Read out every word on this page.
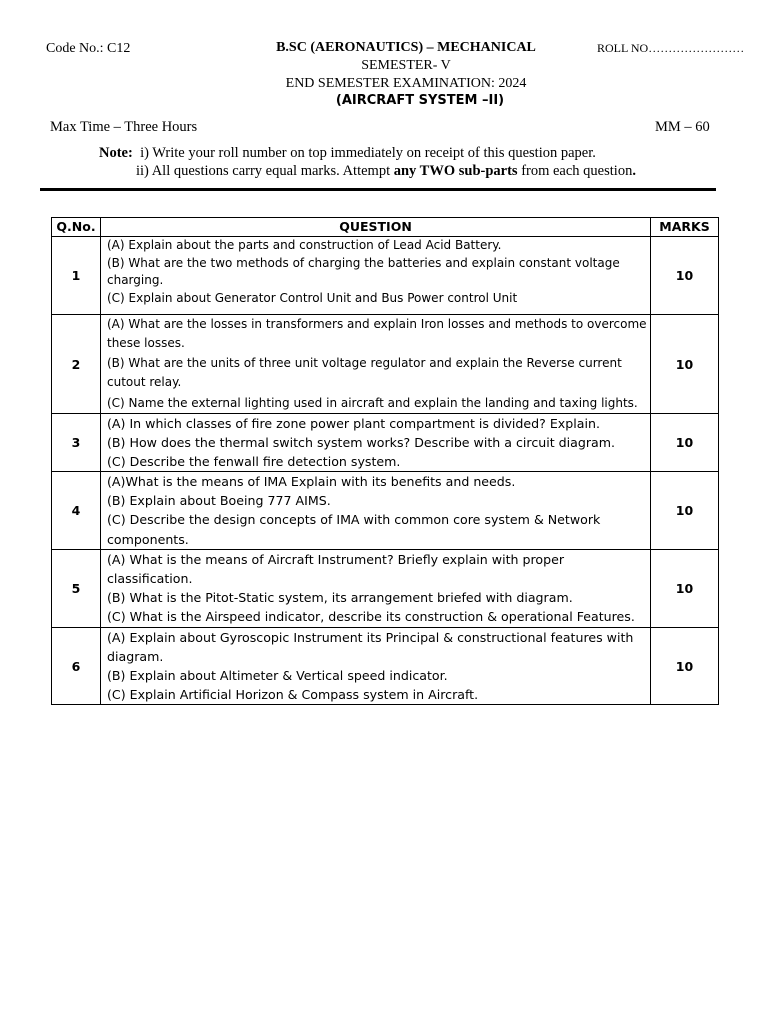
Code No.: C12	B.SC (AERONAUTICS) – MECHANICAL	ROLL NO……………………
SEMESTER- V
END SEMESTER EXAMINATION: 2024
(AIRCRAFT SYSTEM –II)
Max Time – Three Hours	MM – 60
Note: i) Write your roll number on top immediately on receipt of this question paper.
ii) All questions carry equal marks. Attempt any TWO sub-parts from each question.
Q.No.	QUESTION	MARKS
1	(A) Explain about the parts and construction of Lead Acid Battery.
(B) What are the two methods of charging the batteries and explain constant voltage charging.
(C) Explain about Generator Control Unit and Bus Power control Unit	10
2	(A) What are the losses in transformers and explain Iron losses and methods to overcome these losses.
(B) What are the units of three unit voltage regulator and explain the Reverse current cutout relay.
(C) Name the external lighting used in aircraft and explain the landing and taxing lights.	10
3	(A) In which classes of fire zone power plant compartment is divided? Explain.
(B) How does the thermal switch system works? Describe with a circuit diagram.
(C) Describe the fenwall fire detection system.	10
4	(A)What is the means of IMA Explain with its benefits and needs.
(B) Explain about Boeing 777 AIMS.
(C) Describe the design concepts of IMA with common core system & Network components.	10
5	(A) What is the means of Aircraft Instrument? Briefly explain with proper classification.
(B) What is the Pitot-Static system, its arrangement briefed with diagram.
(C) What is the Airspeed indicator, describe its construction & operational Features.	10
6	(A) Explain about Gyroscopic Instrument its Principal & constructional features with diagram.
(B) Explain about Altimeter & Vertical speed indicator.
(C) Explain Artificial Horizon & Compass system in Aircraft.	10
